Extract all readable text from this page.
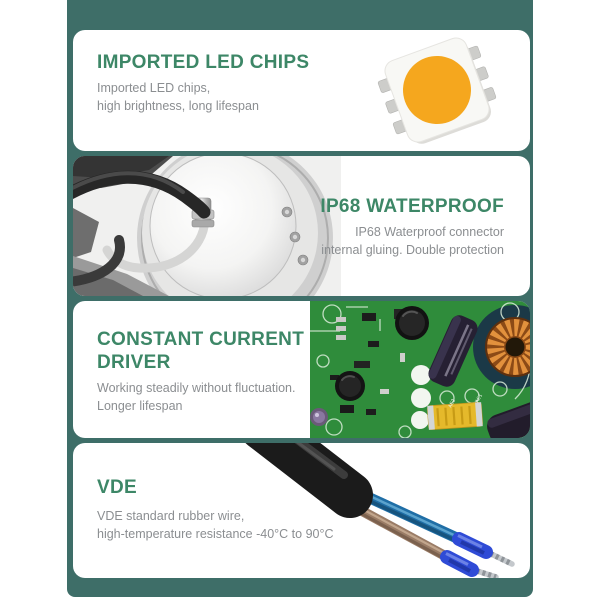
IMPORTED LED CHIPS

Imported LED chips,
high brightness, long lifespan

IP68 WATERPROOF

IP68 Waterproof connector
internal gluing. Double protection

CONSTANT CURRENT DRIVER

Working steadily without fluctuation.
Longer lifespan	AC2	AC1
VDE

VDE standard rubber wire,
high-temperature resistance -40°C to 90°C
